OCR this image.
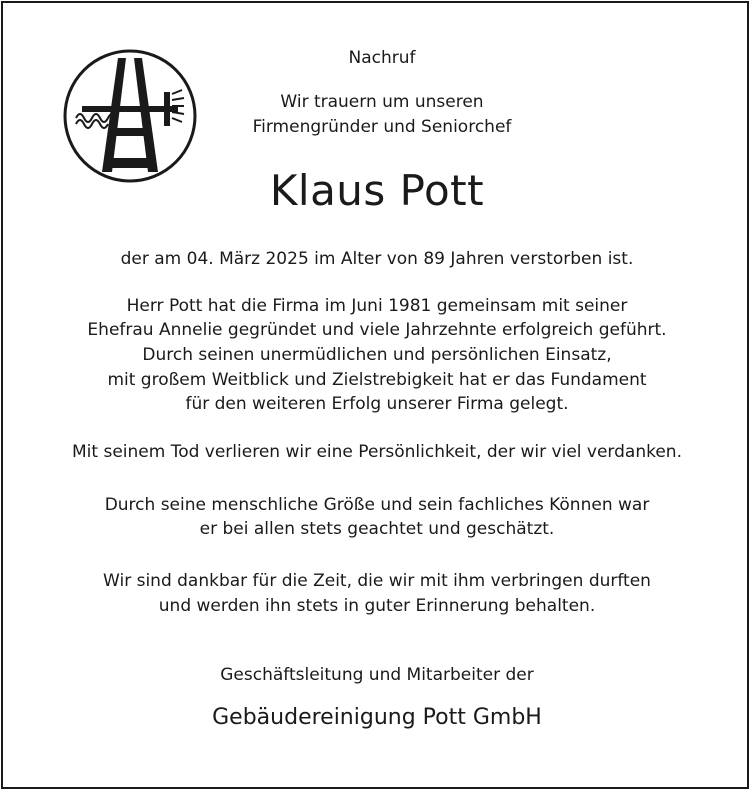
Nachruf

Wir trauern um unseren

Firmengründer und Seniorchef

Klaus Pott

der am 04. März 2025 im Alter von 89 Jahren verstorben ist.

Herr Pott hat die Firma im Juni 1981 gemeinsam mit seiner

Ehefrau Annelie gegründet und viele Jahrzehnte erfolgreich geführt.

Durch seinen unermüdlichen und persönlichen Einsatz,

mit großem Weitblick und Zielstrebigkeit hat er das Fundament

für den weiteren Erfolg unserer Firma gelegt.

Mit seinem Tod verlieren wir eine Persönlichkeit, der wir viel verdanken.

Durch seine menschliche Größe und sein fachliches Können war

er bei allen stets geachtet und geschätzt.

Wir sind dankbar für die Zeit, die wir mit ihm verbringen durften

und werden ihn stets in guter Erinnerung behalten.

Geschäftsleitung und Mitarbeiter der

Gebäudereinigung Pott GmbH
